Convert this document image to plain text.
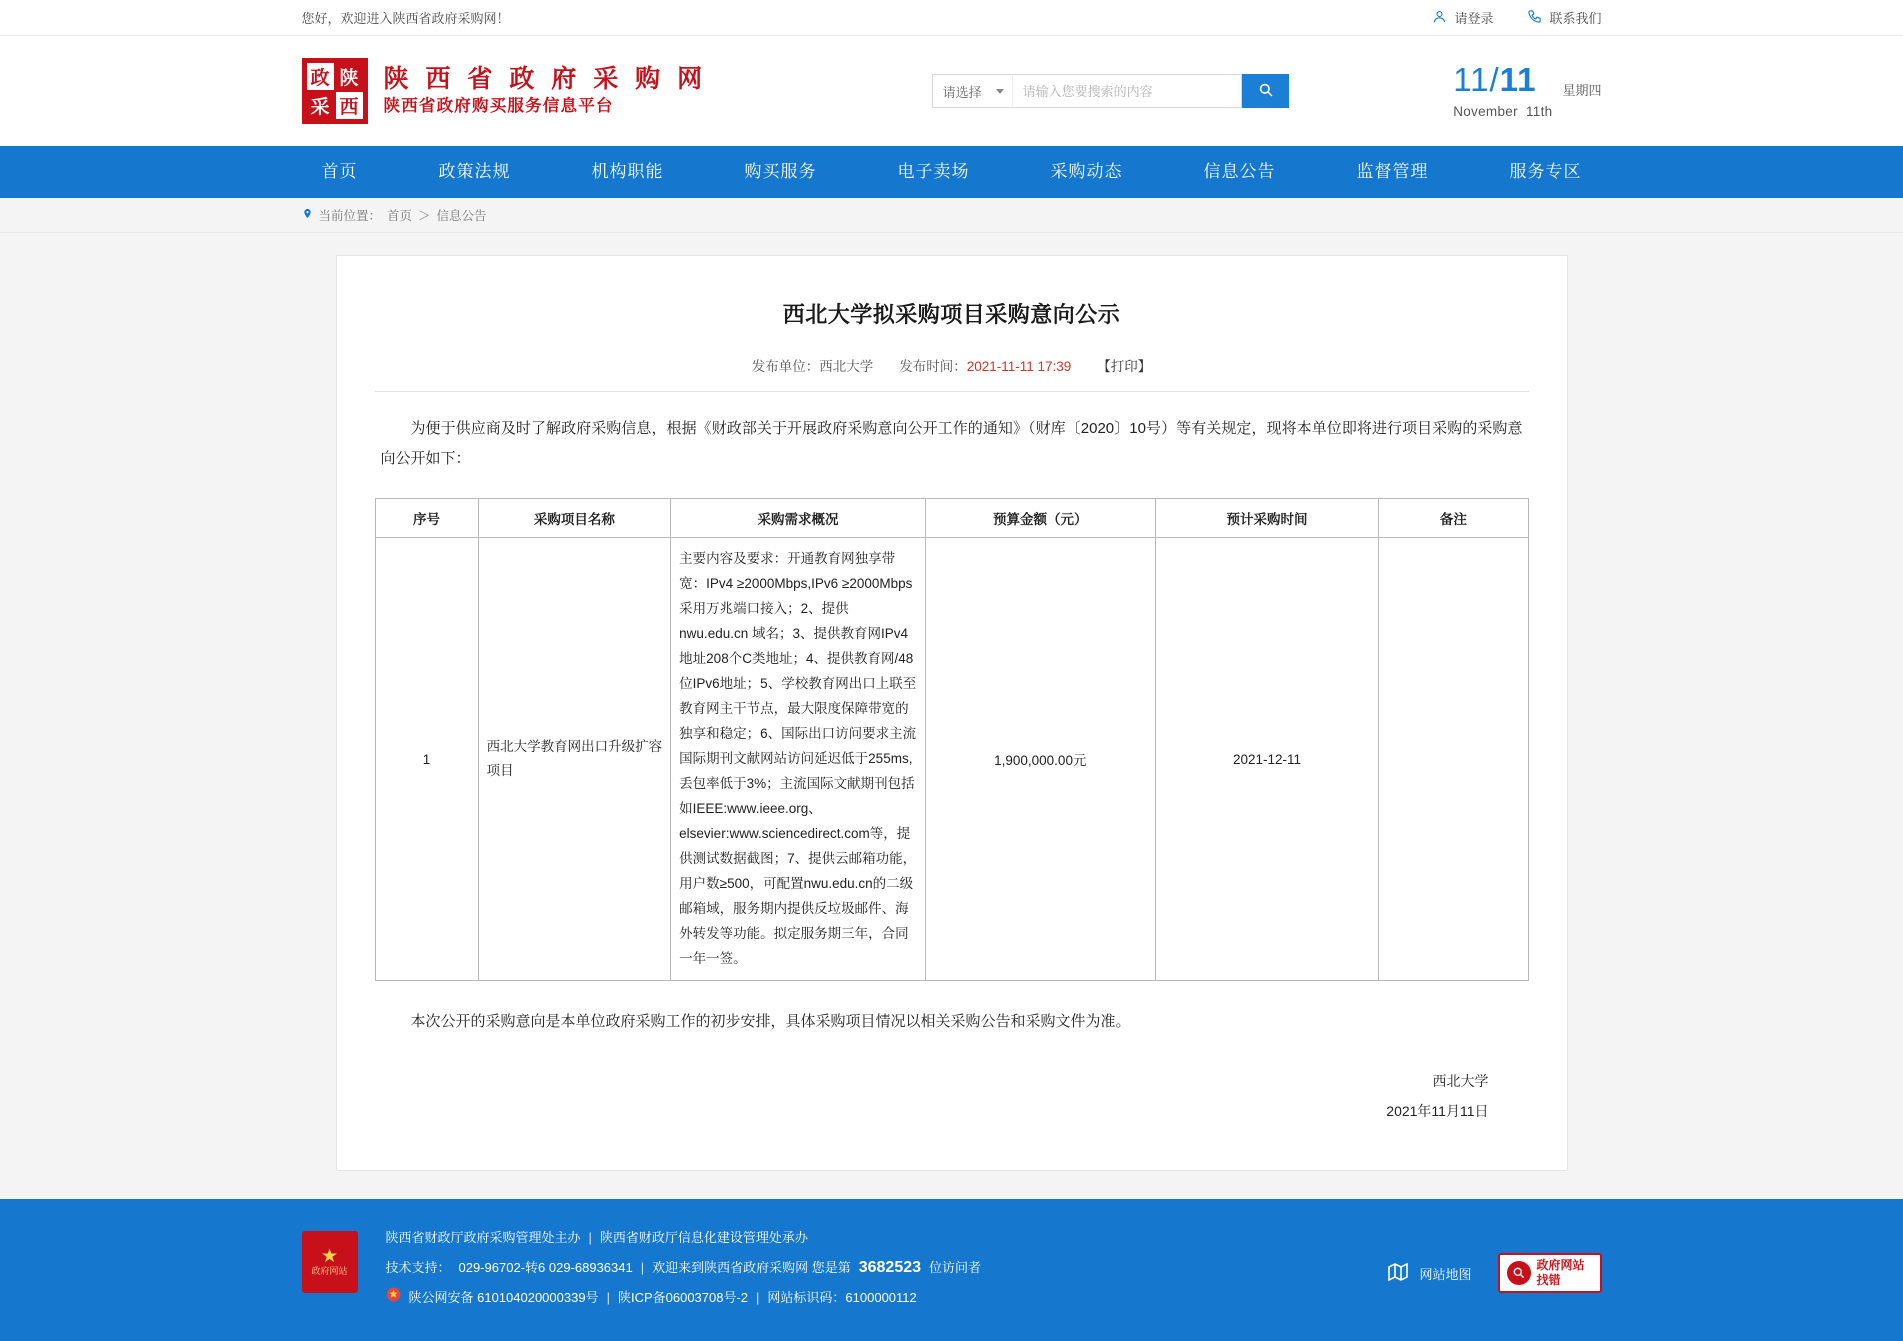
您好，欢迎进入陕西省政府采购网！	请登录	联系我们
政 陕
采 西
陕 西 省 政 府 采 购 网
陕西省政府购买服务信息平台
请选择
请输入您要搜索的内容	11/11
November 11th
星期四
首页	政策法规	机构职能	购买服务	电子卖场	采购动态	信息公告	监督管理	服务专区
当前位置： 首页 ＞ 信息公告
西北大学拟采购项目采购意向公示
发布单位：西北大学 发布时间：2021-11-11 17:39 【打印】

为便于供应商及时了解政府采购信息，根据《财政部关于开展政府采购意向公开工作的通知》（财库〔2020〕10号）等有关规定，现将本单位即将进行项目采购的采购意向公开如下：

序号	采购项目名称	采购需求概况	预算金额（元）	预计采购时间	备注
1	西北大学教育网出口升级扩容项目	主要内容及要求：开通教育网独享带宽：IPv4 ≥2000Mbps,IPv6 ≥2000Mbps采用万兆端口接入；2、提供nwu.edu.cn 域名；3、提供教育网IPv4地址208个C类地址；4、提供教育网/48位IPv6地址；5、学校教育网出口上联至教育网主干节点，最大限度保障带宽的独享和稳定；6、国际出口访问要求主流国际期刊文献网站访问延迟低于255ms,丢包率低于3%；主流国际文献期刊包括如IEEE:www.ieee.org、elsevier:www.sciencedirect.com等，提供测试数据截图；7、提供云邮箱功能，用户数≥500，可配置nwu.edu.cn的二级邮箱域，服务期内提供反垃圾邮件、海外转发等功能。拟定服务期三年，合同一年一签。	1,900,000.00元	2021-12-11	

本次公开的采购意向是本单位政府采购工作的初步安排，具体采购项目情况以相关采购公告和采购文件为准。

西北大学
2021年11月11日
★
政府网站
陕西省财政厅政府采购管理处主办 | 陕西省财政厅信息化建设管理处承办
技术支持： 029-96702-转6 029-68936341 | 欢迎来到陕西省政府采购网 您是第 3682523 位访问者
陕公网安备 610104020000339号 | 陕ICP备06003708号-2 | 网站标识码：6100000112
网站地图
政府网站
找错
